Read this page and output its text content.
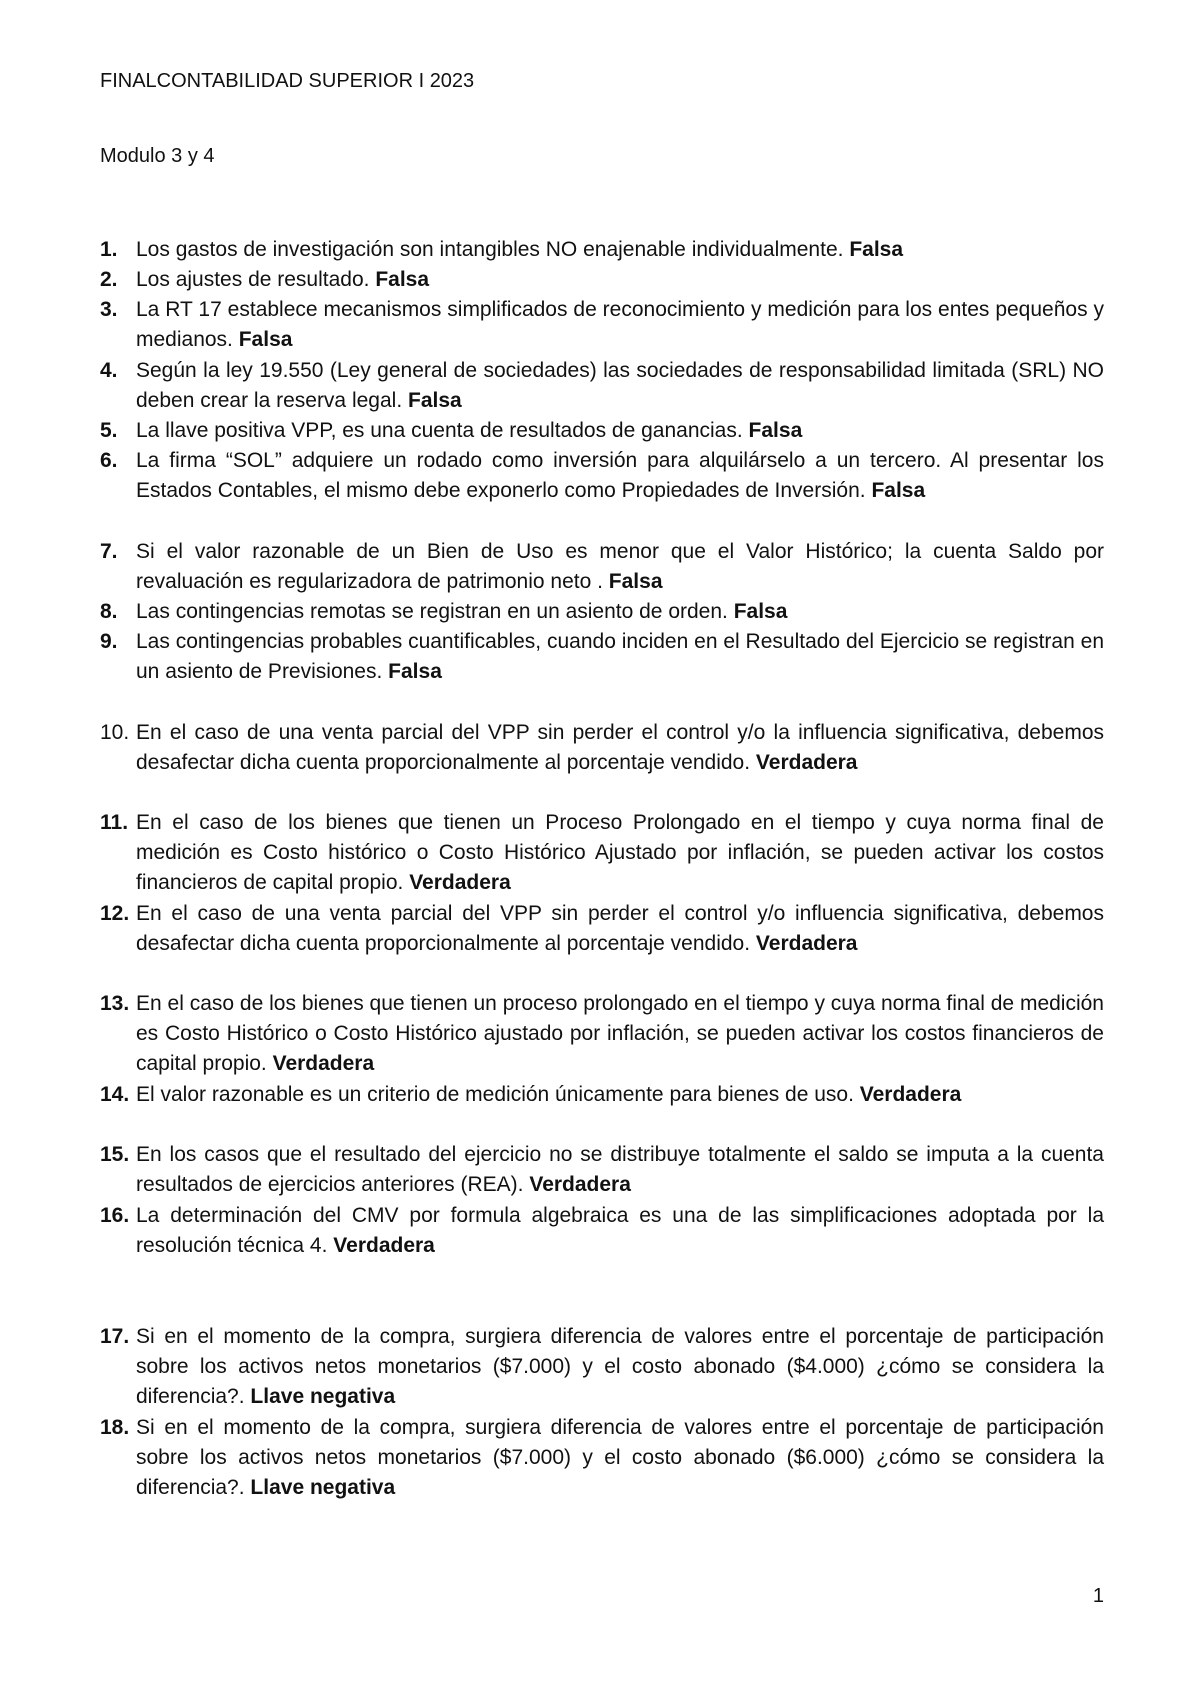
FINALCONTABILIDAD SUPERIOR I 2023
Modulo 3 y 4
1. Los gastos de investigación son intangibles NO enajenable individualmente. Falsa
2. Los ajustes de resultado. Falsa
3. La RT 17 establece mecanismos simplificados de reconocimiento y medición para los entes pequeños y medianos. Falsa
4. Según la ley 19.550 (Ley general de sociedades) las sociedades de responsabilidad limitada (SRL) NO deben crear la reserva legal. Falsa
5. La llave positiva VPP, es una cuenta de resultados de ganancias. Falsa
6. La firma “SOL” adquiere un rodado como inversión para alquilárselo a un tercero. Al presentar los Estados Contables, el mismo debe exponerlo como Propiedades de Inversión. Falsa
7. Si el valor razonable de un Bien de Uso es menor que el Valor Histórico; la cuenta Saldo por revaluación es regularizadora de patrimonio neto . Falsa
8. Las contingencias remotas se registran en un asiento de orden. Falsa
9. Las contingencias probables cuantificables, cuando inciden en el Resultado del Ejercicio se registran en un asiento de Previsiones. Falsa
10. En el caso de una venta parcial del VPP sin perder el control y/o la influencia significativa, debemos desafectar dicha cuenta proporcionalmente al porcentaje vendido. Verdadera
11. En el caso de los bienes que tienen un Proceso Prolongado en el tiempo y cuya norma final de medición es Costo histórico o Costo Histórico Ajustado por inflación, se pueden activar los costos financieros de capital propio. Verdadera
12. En el caso de una venta parcial del VPP sin perder el control y/o influencia significativa, debemos desafectar dicha cuenta proporcionalmente al porcentaje vendido. Verdadera
13. En el caso de los bienes que tienen un proceso prolongado en el tiempo y cuya norma final de medición es Costo Histórico o Costo Histórico ajustado por inflación, se pueden activar los costos financieros de capital propio. Verdadera
14. El valor razonable es un criterio de medición únicamente para bienes de uso. Verdadera
15. En los casos que el resultado del ejercicio no se distribuye totalmente el saldo se imputa a la cuenta resultados de ejercicios anteriores (REA). Verdadera
16. La determinación del CMV por formula algebraica es una de las simplificaciones adoptada por la resolución técnica 4. Verdadera
17. Si en el momento de la compra, surgiera diferencia de valores entre el porcentaje de participación sobre los activos netos monetarios ($7.000) y el costo abonado ($4.000) ¿cómo se considera la diferencia?. Llave negativa
18. Si en el momento de la compra, surgiera diferencia de valores entre el porcentaje de participación sobre los activos netos monetarios ($7.000) y el costo abonado ($6.000) ¿cómo se considera la diferencia?. Llave negativa
1
